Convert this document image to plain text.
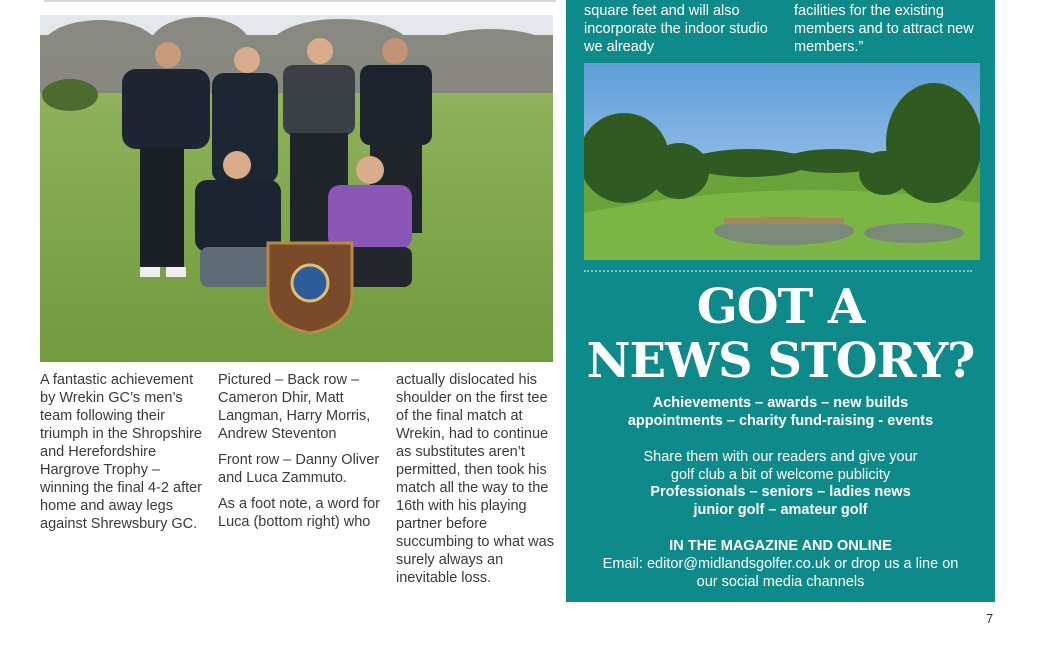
A fantastic achievement by Wrekin GC’s men’s team following their triumph in the Shropshire and Herefordshire Hargrove Trophy – winning the final 4-2 after home and away legs against Shrewsbury GC.

Pictured – Back row – Cameron Dhir, Matt Langman, Harry Morris, Andrew Steventon

Front row – Danny Oliver and Luca Zammuto.

As a foot note, a word for Luca (bottom right) who

actually dislocated his shoulder on the first tee of the final match at Wrekin, had to continue as substitutes aren’t permitted, then took his match all the way to the 16th with his playing partner before succumbing to what was surely always an inevitable loss.

square feet and will also incorporate the indoor studio we already
facilities for the existing members and to attract new members.”
GOT A
NEWS STORY?
Achievements – awards – new builds
appointments – charity fund-raising - events
Share them with our readers and give your
golf club a bit of welcome publicity
Professionals – seniors – ladies news
junior golf – amateur golf
IN THE MAGAZINE AND ONLINE
Email: editor@midlandsgolfer.co.uk or drop us a line on
our social media channels
7
